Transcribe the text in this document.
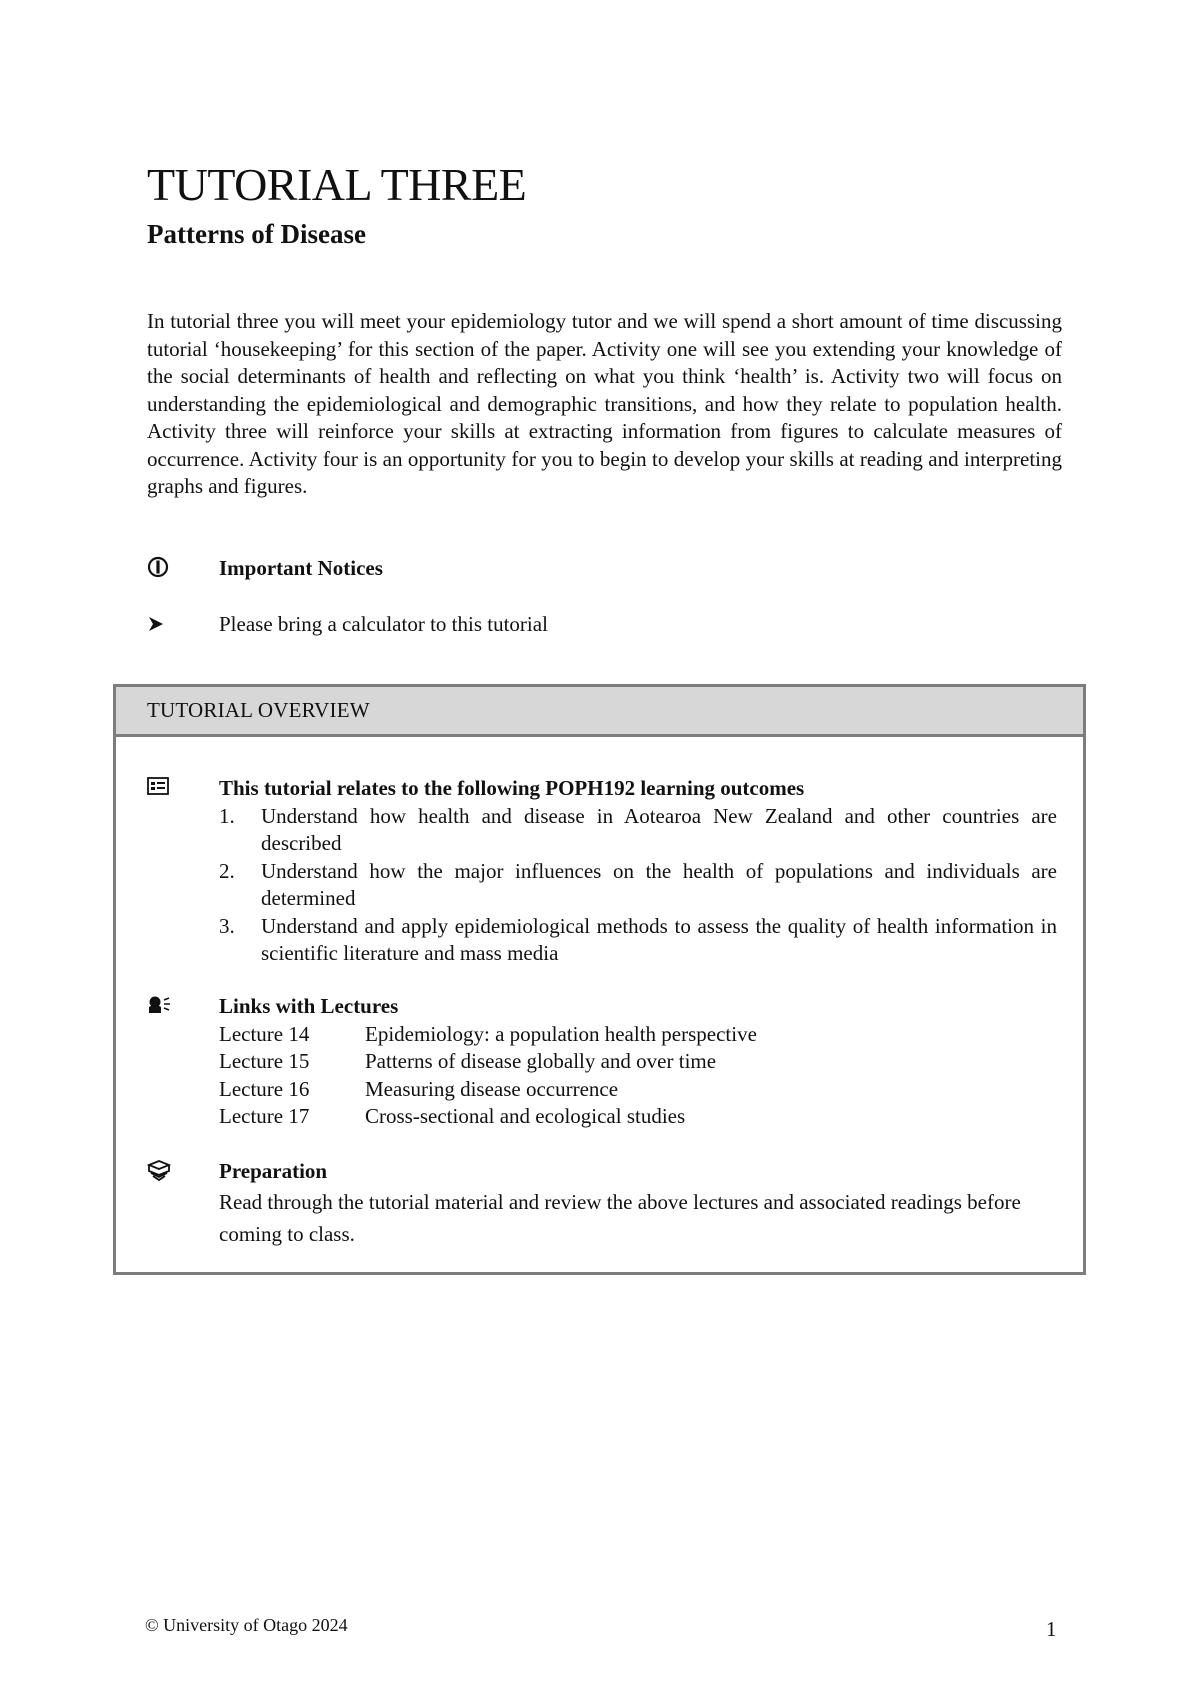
TUTORIAL THREE
Patterns of Disease

In tutorial three you will meet your epidemiology tutor and we will spend a short amount of time discussing tutorial ‘housekeeping’ for this section of the paper. Activity one will see you extending your knowledge of the social determinants of health and reflecting on what you think ‘health’ is. Activity two will focus on understanding the epidemiological and demographic transitions, and how they relate to population health. Activity three will reinforce your skills at extracting information from figures to calculate measures of occurrence. Activity four is an opportunity for you to begin to develop your skills at reading and interpreting graphs and figures.

Important Notices
Please bring a calculator to this tutorial
TUTORIAL OVERVIEW
This tutorial relates to the following POPH192 learning outcomes
1. Understand how health and disease in Aotearoa New Zealand and other countries are described
2. Understand how the major influences on the health of populations and individuals are determined
3. Understand and apply epidemiological methods to assess the quality of health information in scientific literature and mass media
Links with Lectures
Lecture 14	Epidemiology: a population health perspective
Lecture 15	Patterns of disease globally and over time
Lecture 16	Measuring disease occurrence
Lecture 17	Cross-sectional and ecological studies
Preparation
Read through the tutorial material and review the above lectures and associated readings before coming to class.
© University of Otago 2024	1
